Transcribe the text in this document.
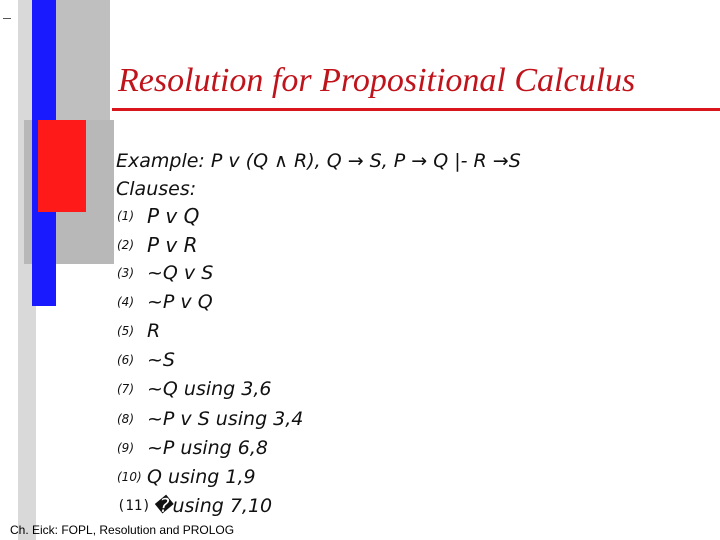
Resolution for Propositional Calculus
Example: P v (Q ∧ R), Q → S, P → Q |- R →S
Clauses:
(1) P v Q
(2) P v R
(3) ~Q v S
(4) ~P v Q
(5) R
(6) ~S
(7) ~Q using 3,6
(8) ~P v S using 3,4
(9) ~P using 6,8
(10) Q using 1,9
(11) �using 7,10
Ch. Eick: FOPL, Resolution and PROLOG
